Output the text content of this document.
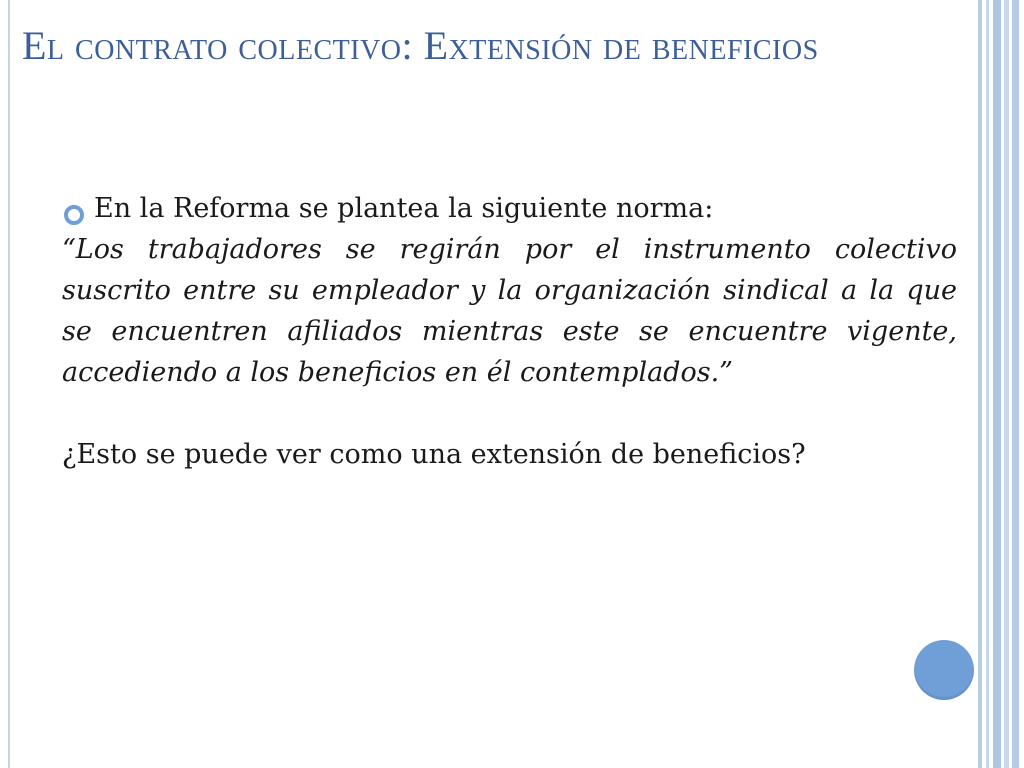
El contrato colectivo: Extensión de beneficios

En la Reforma se plantea la siguiente norma:

“Los trabajadores se regirán por el instrumento colectivo suscrito entre su empleador y la organización sindical a la que se encuentren afiliados mientras este se encuentre vigente, accediendo a los beneficios en él contemplados.”

¿Esto se puede ver como una extensión de beneficios?
